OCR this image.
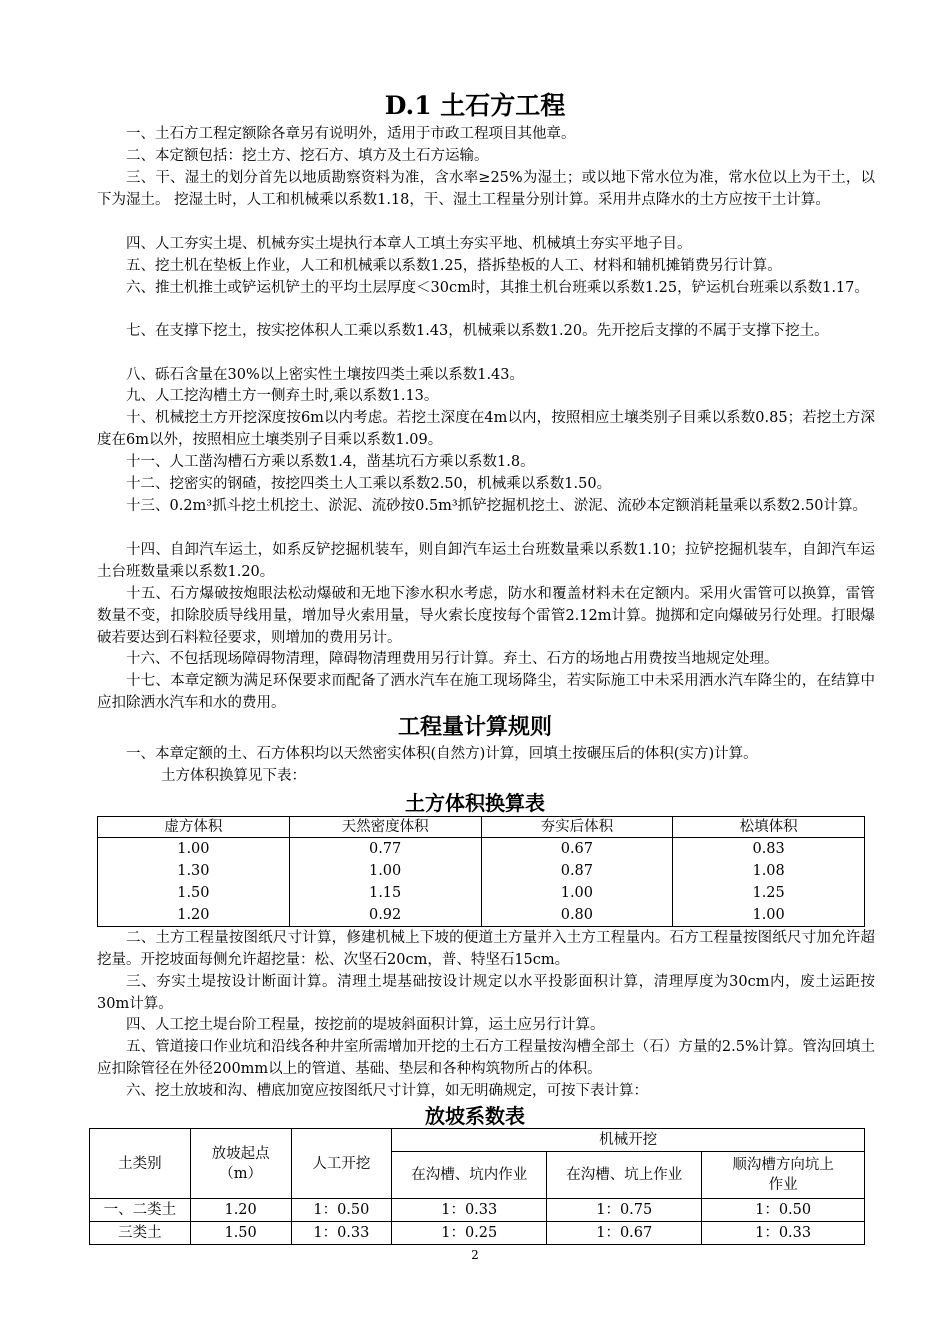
D.1 土石方工程

一、土石方工程定额除各章另有说明外，适用于市政工程项目其他章。

二、本定额包括：挖土方、挖石方、填方及土石方运输。

三、干、湿土的划分首先以地质勘察资料为准，含水率≥25%为湿土；或以地下常水位为准，常水位以上为干土，以下为湿土。 挖湿土时，人工和机械乘以系数1.18，干、湿土工程量分别计算。采用井点降水的土方应按干土计算。

四、人工夯实土堤、机械夯实土堤执行本章人工填土夯实平地、机械填土夯实平地子目。

五、挖土机在垫板上作业，人工和机械乘以系数1.25，搭拆垫板的人工、材料和辅机摊销费另行计算。

六、推土机推土或铲运机铲土的平均土层厚度＜30cm时，其推土机台班乘以系数1.25，铲运机台班乘以系数1.17。

七、在支撑下挖土，按实挖体积人工乘以系数1.43，机械乘以系数1.20。先开挖后支撑的不属于支撑下挖土。

八、砾石含量在30%以上密实性土壤按四类土乘以系数1.43。

九、人工挖沟槽土方一侧弃土时,乘以系数1.13。

十、机械挖土方开挖深度按6m以内考虑。若挖土深度在4m以内，按照相应土壤类别子目乘以系数0.85；若挖土方深度在6m以外，按照相应土壤类别子目乘以系数1.09。

十一、人工凿沟槽石方乘以系数1.4，凿基坑石方乘以系数1.8。

十二、挖密实的钢碴，按挖四类土人工乘以系数2.50，机械乘以系数1.50。

十三、0.2m³抓斗挖土机挖土、淤泥、流砂按0.5m³抓铲挖掘机挖土、淤泥、流砂本定额消耗量乘以系数2.50计算。

十四、自卸汽车运土，如系反铲挖掘机装车，则自卸汽车运土台班数量乘以系数1.10；拉铲挖掘机装车，自卸汽车运土台班数量乘以系数1.20。

十五、石方爆破按炮眼法松动爆破和无地下渗水积水考虑，防水和覆盖材料未在定额内。采用火雷管可以换算，雷管数量不变，扣除胶质导线用量，增加导火索用量，导火索长度按每个雷管2.12m计算。抛掷和定向爆破另行处理。打眼爆破若要达到石料粒径要求，则增加的费用另计。

十六、不包括现场障碍物清理，障碍物清理费用另行计算。弃土、石方的场地占用费按当地规定处理。

十七、本章定额为满足环保要求而配备了洒水汽车在施工现场降尘，若实际施工中未采用洒水汽车降尘的，在结算中应扣除洒水汽车和水的费用。

工程量计算规则

一、本章定额的土、石方体积均以天然密实体积(自然方)计算，回填土按碾压后的体积(实方)计算。

土方体积换算见下表：

土方体积换算表
虚方体积	天然密度体积	夯实后体积	松填体积
1.00	0.77	0.67	0.83
1.30	1.00	0.87	1.08
1.50	1.15	1.00	1.25
1.20	0.92	0.80	1.00

二、土方工程量按图纸尺寸计算，修建机械上下坡的便道土方量并入土方工程量内。石方工程量按图纸尺寸加允许超挖量。开挖坡面每侧允许超挖量：松、次坚石20cm，普、特坚石15cm。

三、夯实土堤按设计断面计算。清理土堤基础按设计规定以水平投影面积计算，清理厚度为30cm内，废土运距按30m计算。

四、人工挖土堤台阶工程量，按挖前的堤坡斜面积计算，运土应另行计算。

五、管道接口作业坑和沿线各种井室所需增加开挖的土石方工程量按沟槽全部土（石）方量的2.5%计算。管沟回填土应扣除管径在外径200mm以上的管道、基础、垫层和各种构筑物所占的体积。

六、挖土放坡和沟、槽底加宽应按图纸尺寸计算，如无明确规定，可按下表计算：

放坡系数表
土类别	放坡起点（m）	人工开挖	机械开挖		
			在沟槽、坑内作业	在沟槽、坑上作业	顺沟槽方向坑上作业
一、二类土	1.20	1：0.50	1：0.33	1：0.75	1：0.50
三类土	1.50	1：0.33	1：0.25	1：0.67	1：0.33
2
